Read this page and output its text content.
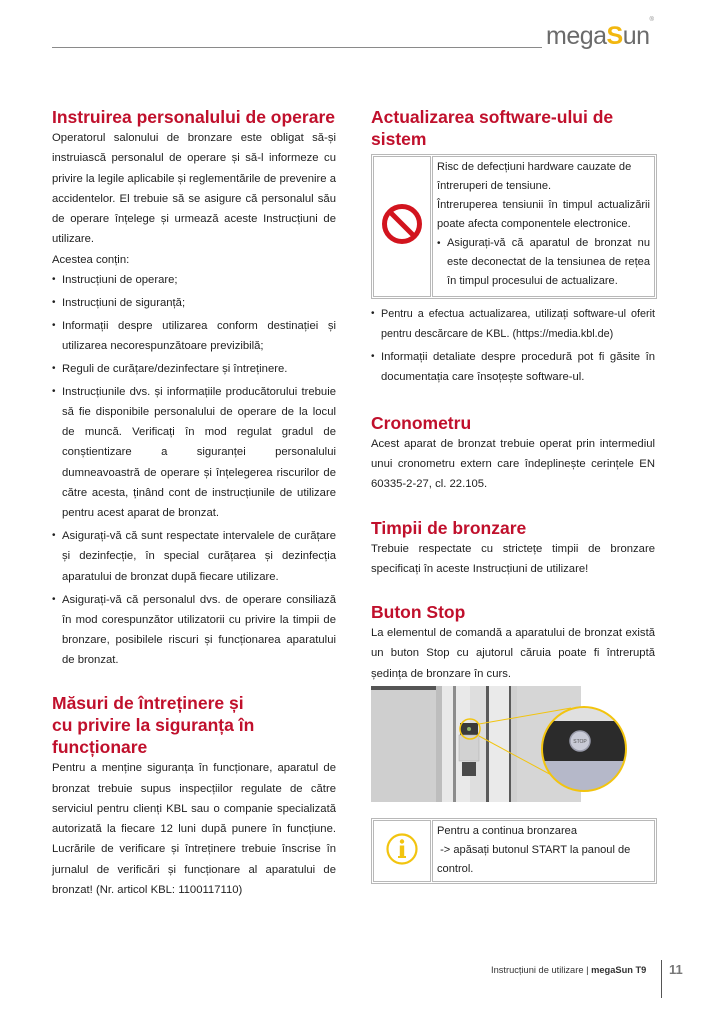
megaSun®
Instruirea personalului de operare

Operatorul salonului de bronzare este obligat să-și instruiască personalul de operare și să-l informeze cu privire la legile aplicabile și reglementările de prevenire a accidentelor. El trebuie să se asigure că personalul său de operare înțelege și urmează aceste Instrucțiuni de utilizare.

Acestea conțin:

• Instrucțiuni de operare;
• Instrucțiuni de siguranță;
• Informații despre utilizarea conform destinației și utilizarea necorespunzătoare previzibilă;
• Reguli de curățare/dezinfectare și întreținere.
• Instrucțiunile dvs. și informațiile producătorului trebuie să fie disponibile personalului de operare de la locul de muncă. Verificați în mod regulat gradul de conștientizare a siguranței personalului dumneavoastră de operare și înțelegerea riscurilor de către acesta, ținând cont de instrucțiunile de utilizare pentru acest aparat de bronzat.
• Asigurați-vă că sunt respectate intervalele de curățare și dezinfecție, în special curățarea și dezinfecția aparatului de bronzat după fiecare utilizare.
• Asigurați-vă că personalul dvs. de operare consiliază în mod corespunzător utilizatorii cu privire la timpii de bronzare, posibilele riscuri și funcționarea aparatului de bronzat.
Măsuri de întreținere și
cu privire la siguranța în
funcționare

Pentru a menține siguranța în funcționare, aparatul de bronzat trebuie supus inspecțiilor regulate de către serviciul pentru clienți KBL sau o companie specializată autorizată la fiecare 12 luni după punere în funcțiune. Lucrările de verificare și întreținere trebuie înscrise în jurnalul de verificări și funcționare al aparatului de bronzat! (Nr. articol KBL: 1100117110)

Actualizarea software-ului de sistem

Risc de defecțiuni hardware cauzate de întreruperi de tensiune.

Întreruperea tensiunii în timpul actualizării poate afecta componentele electronice.

• Asigurați-vă că aparatul de bronzat nu este deconectat de la tensiunea de rețea în timpul procesului de actualizare.
• Pentru a efectua actualizarea, utilizați software-ul oferit pentru descărcare de KBL. (https://media.kbl.de)
• Informații detaliate despre procedură pot fi găsite în documentația care însoțește software-ul.
Cronometru

Acest aparat de bronzat trebuie operat prin intermediul unui cronometru extern care îndeplinește cerințele EN 60335-2-27, cl. 22.105.

Timpii de bronzare

Trebuie respectate cu strictețe timpii de bronzare specificați în aceste Instrucțiuni de utilizare!

Buton Stop

La elementul de comandă a aparatului de bronzat există un buton Stop cu ajutorul căruia poate fi întreruptă ședința de bronzare în curs.

STOP

Pentru a continua bronzarea

-> apăsați butonul START la panoul de control.

Instrucțiuni de utilizare | megaSun T9 11
